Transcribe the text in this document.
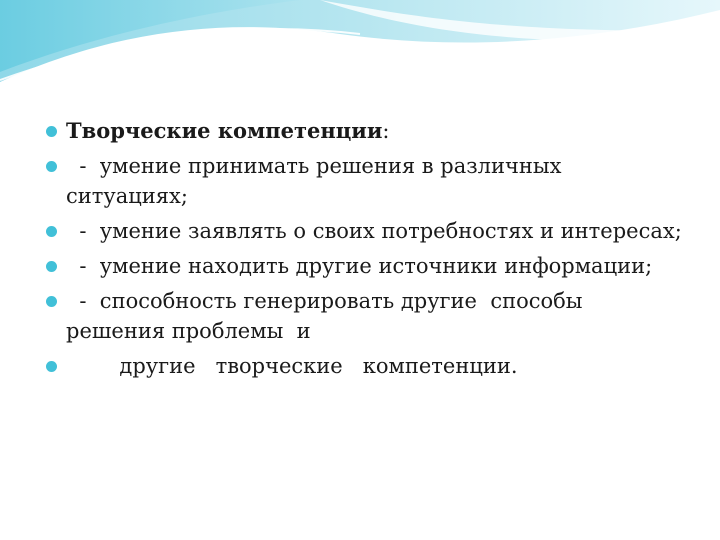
Творческие компетенции:
-  умение принимать решения в различных ситуациях;
-  умение заявлять о своих потребностях и интересах;
-  умение находить другие источники информации;
-  способность генерировать другие  способы решения проблемы  и
другие   творческие   компетенции.
